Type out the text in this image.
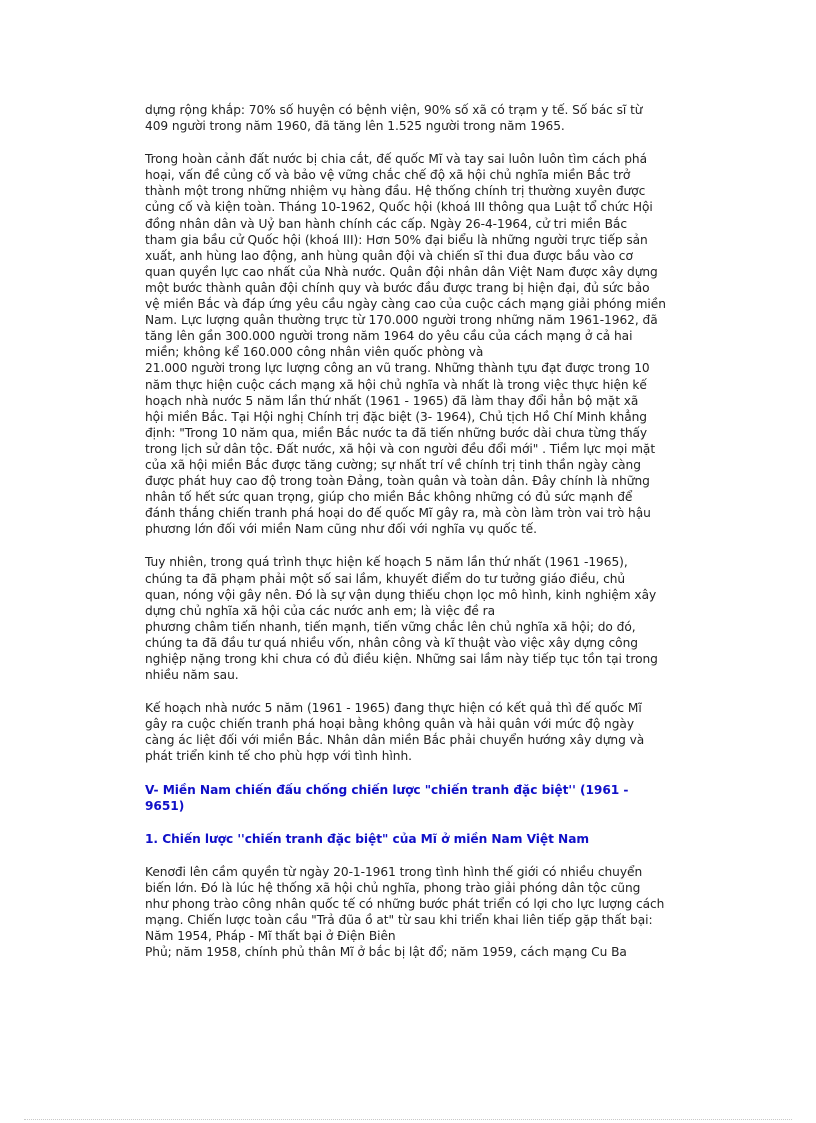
dựng rộng khắp: 70% số huyện có bệnh viện, 90% số xã có trạm y tế. Số bác sĩ từ
409 người trong năm 1960, đã tăng lên 1.525 người trong năm 1965.
Trong hoàn cảnh đất nước bị chia cắt, đế quốc Mĩ và tay sai luôn luôn tìm cách phá
hoại, vấn đề củng cố và bảo vệ vững chắc chế độ xã hội chủ nghĩa miền Bắc trở
thành một trong những nhiệm vụ hàng đầu. Hệ thống chính trị thường xuyên được
củng cố và kiện toàn. Tháng 10-1962, Quốc hội (khoá III thông qua Luật tổ chức Hội
đồng nhân dân và Uỷ ban hành chính các cấp. Ngày 26-4-1964, cử tri miền Bắc
tham gia bầu cử Quốc hội (khoá III): Hơn 50% đại biểu là những người trực tiếp sản
xuất, anh hùng lao động, anh hùng quân đội và chiến sĩ thi đua được bầu vào cơ
quan quyền lực cao nhất của Nhà nước. Quân đội nhân dân Việt Nam được xây dựng
một bước thành quân đội chính quy và bước đầu được trang bị hiện đại, đủ sức bảo
vệ miền Bắc và đáp ứng yêu cầu ngày càng cao của cuộc cách mạng giải phóng miền
Nam. Lực lượng quân thường trực từ 170.000 người trong những năm 1961-1962, đã
tăng lên gần 300.000 người trong năm 1964 do yêu cầu của cách mạng ở cả hai
miền; không kể 160.000 công nhân viên quốc phòng và
21.000 người trong lực lượng công an vũ trang. Những thành tựu đạt được trong 10
năm thực hiện cuộc cách mạng xã hội chủ nghĩa và nhất là trong việc thực hiện kế
hoạch nhà nước 5 năm lần thứ nhất (1961 - 1965) đã làm thay đổi hẳn bộ mặt xã
hội miền Bắc. Tại Hội nghị Chính trị đặc biệt (3- 1964), Chủ tịch Hồ Chí Minh khẳng
định: "Trong 10 năm qua, miền Bắc nước ta đã tiến những bước dài chưa từng thấy
trong lịch sử dân tộc. Đất nước, xã hội và con người đều đổi mới" . Tiềm lực mọi mặt
của xã hội miền Bắc được tăng cường; sự nhất trí về chính trị tinh thần ngày càng
được phát huy cao độ trong toàn Đảng, toàn quân và toàn dân. Đây chính là những
nhân tố hết sức quan trọng, giúp cho miền Bắc không những có đủ sức mạnh để
đánh thắng chiến tranh phá hoại do đế quốc Mĩ gây ra, mà còn làm tròn vai trò hậu
phương lớn đối với miền Nam cũng như đối với nghĩa vụ quốc tế.
Tuy nhiên, trong quá trình thực hiện kế hoạch 5 năm lần thứ nhất (1961 -1965),
chúng ta đã phạm phải một số sai lầm, khuyết điểm do tư tưởng giáo điều, chủ
quan, nóng vội gây nên. Đó là sự vận dụng thiếu chọn lọc mô hình, kinh nghiệm xây
dựng chủ nghĩa xã hội của các nước anh em; là việc đề ra
phương châm tiến nhanh, tiến mạnh, tiến vững chắc lên chủ nghĩa xã hội; do đó,
chúng ta đã đầu tư quá nhiều vốn, nhân công và kĩ thuật vào việc xây dựng công
nghiệp nặng trong khi chưa có đủ điều kiện. Những sai lầm này tiếp tục tồn tại trong
nhiều năm sau.
Kế hoạch nhà nước 5 năm (1961 - 1965) đang thực hiện có kết quả thì đế quốc Mĩ
gây ra cuộc chiến tranh phá hoại bằng không quân và hải quân với mức độ ngày
càng ác liệt đối với miền Bắc. Nhân dân miền Bắc phải chuyển hướng xây dựng và
phát triển kinh tế cho phù hợp với tình hình.
V- Miền Nam chiến đấu chống chiến lược "chiến tranh đặc biệt'' (1961 -
9651)
1. Chiến lược ''chiến tranh đặc biệt" của Mĩ ở miền Nam Việt Nam
Kenơđi lên cầm quyền từ ngày 20-1-1961 trong tình hình thế giới có nhiều chuyển
biến lớn. Đó là lúc hệ thống xã hội chủ nghĩa, phong trào giải phóng dân tộc cũng
như phong trào công nhân quốc tế có những bước phát triển có lợi cho lực lượng cách
mạng. Chiến lược toàn cầu "Trả đũa ồ at" từ sau khi triển khai liên tiếp gặp thất bại:
Năm 1954, Pháp - Mĩ thất bại ở Điện Biên
Phủ; năm 1958, chính phủ thân Mĩ ở bắc bị lật đổ; năm 1959, cách mạng Cu Ba
